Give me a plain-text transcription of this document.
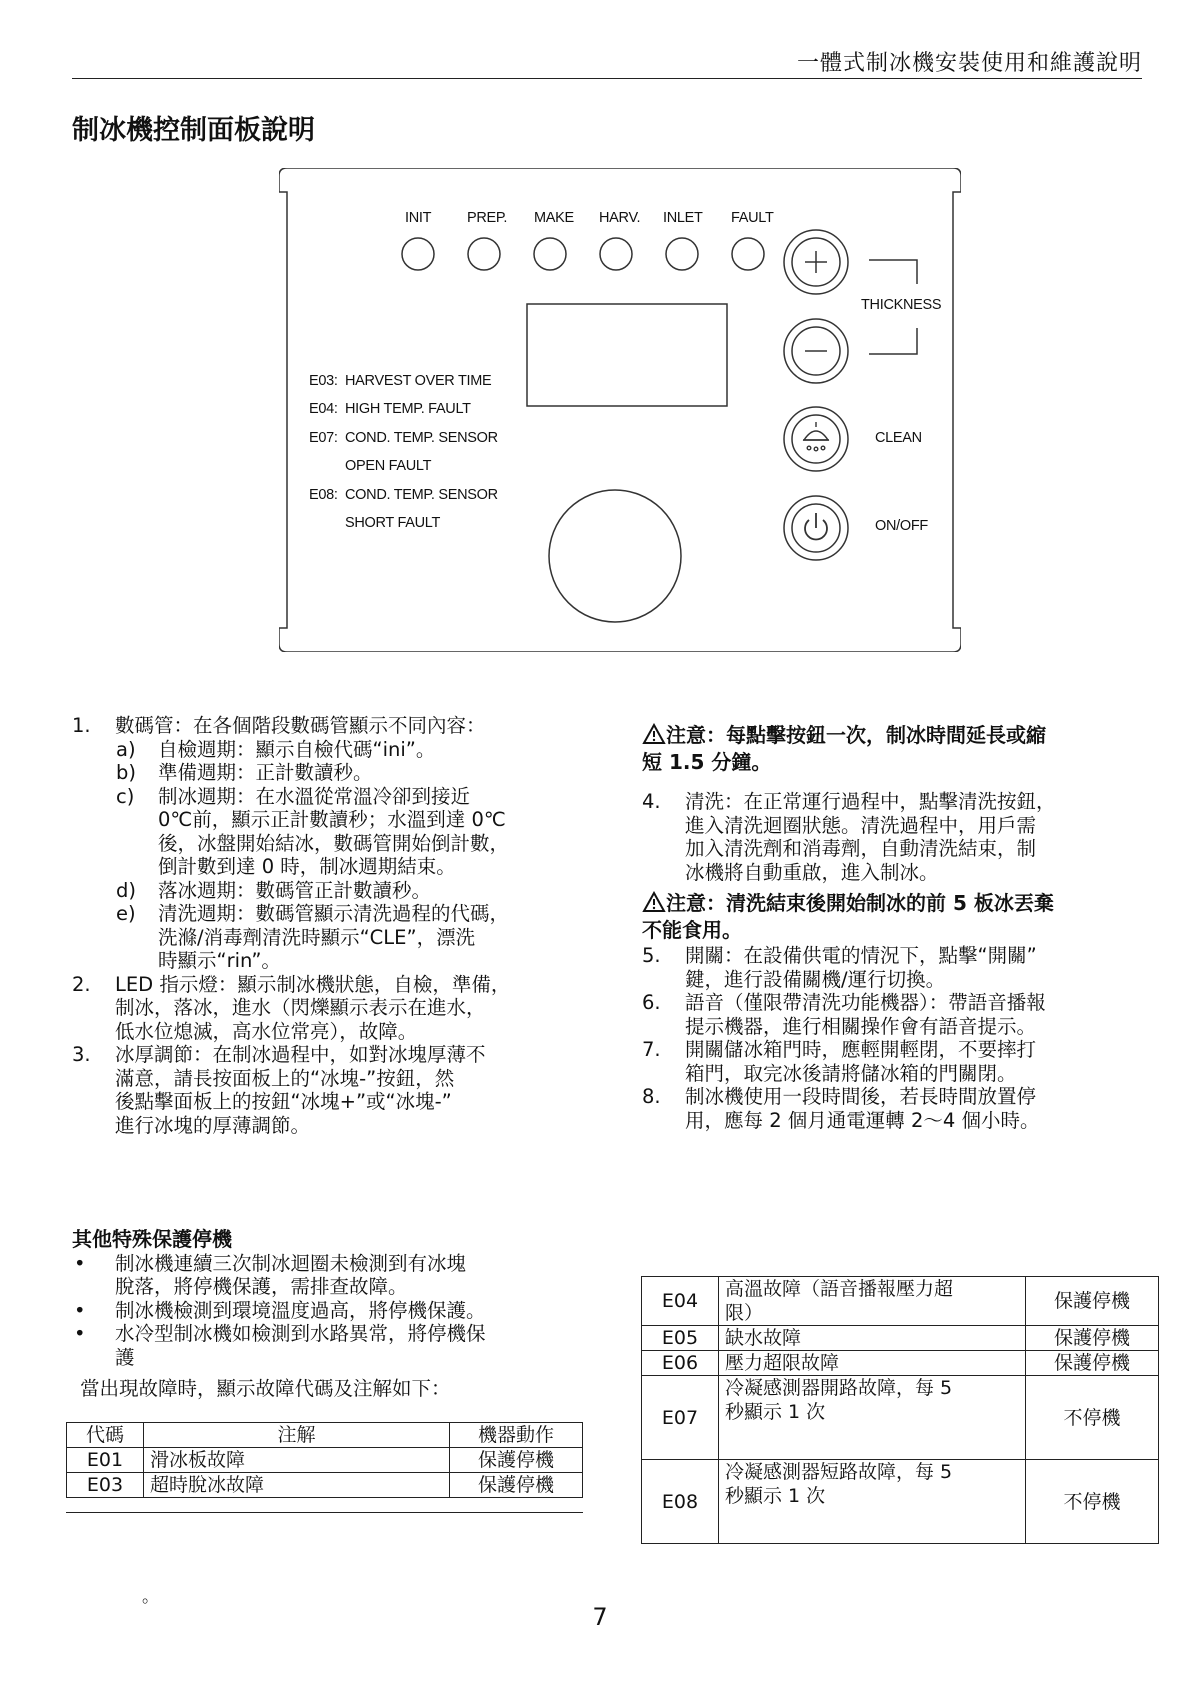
一體式制冰機安裝使用和維護說明
制冰機控制面板說明
INIT PREP. MAKE HARV. INLET FAULT
THICKNESS
CLEAN
ON/OFF
E03: HARVEST OVER TIME
E04: HIGH TEMP. FAULT
E07: COND. TEMP. SENSOR
OPEN FAULT
E08: COND. TEMP. SENSOR
SHORT FAULT
1. 數碼管：在各個階段數碼管顯示不同內容：
a) 自檢週期：顯示自檢代碼“ini”。
b) 準備週期：正計數讀秒。
c) 制冰週期：在水溫從常溫冷卻到接近
0℃前，顯示正計數讀秒；水溫到達 0℃
後，冰盤開始結冰，數碼管開始倒計數，
倒計數到達 0 時，制冰週期結束。
d) 落冰週期：數碼管正計數讀秒。
e) 清洗週期：數碼管顯示清洗過程的代碼，
洗滌/消毒劑清洗時顯示“CLE”，漂洗
時顯示“rin”。
2. LED 指示燈：顯示制冰機狀態，自檢，準備，
制冰，落冰，進水（閃爍顯示表示在進水，
低水位熄滅，高水位常亮），故障。
3. 冰厚調節：在制冰過程中，如對冰塊厚薄不
滿意，請長按面板上的“冰塊-”按鈕，然
後點擊面板上的按鈕“冰塊+”或“冰塊-”
進行冰塊的厚薄調節。
其他特殊保護停機
• 制冰機連續三次制冰迴圈未檢測到有冰塊
脫落，將停機保護，需排查故障。
• 制冰機檢測到環境溫度過高，將停機保護。
• 水冷型制冰機如檢測到水路異常，將停機保
護
當出現故障時，顯示故障代碼及注解如下：
代碼	注解	機器動作
E01	滑冰板故障	保護停機
E03	超時脫冰故障	保護停機
注意：每點擊按鈕一次，制冰時間延長或縮
短 1.5 分鐘。
4. 清洗：在正常運行過程中，點擊清洗按鈕，
進入清洗迴圈狀態。清洗過程中，用戶需
加入清洗劑和消毒劑，自動清洗結束，制
冰機將自動重啟，進入制冰。
注意：清洗結束後開始制冰的前 5 板冰丟棄
不能食用。
5. 開關：在設備供電的情況下，點擊“開關”
鍵，進行設備關機/運行切換。
6. 語音（僅限帶清洗功能機器）：帶語音播報
提示機器，進行相關操作會有語音提示。
7. 開關儲冰箱門時，應輕開輕閉，不要摔打
箱門，取完冰後請將儲冰箱的門關閉。
8. 制冰機使用一段時間後，若長時間放置停
用，應每 2 個月通電運轉 2～4 個小時。
E04	高溫故障（語音播報壓力超
限）	保護停機
E05	缺水故障	保護停機
E06	壓力超限故障	保護停機
E07	冷凝感測器開路故障，每 5
秒顯示 1 次	不停機
E08	冷凝感測器短路故障，每 5
秒顯示 1 次	不停機
。
7
